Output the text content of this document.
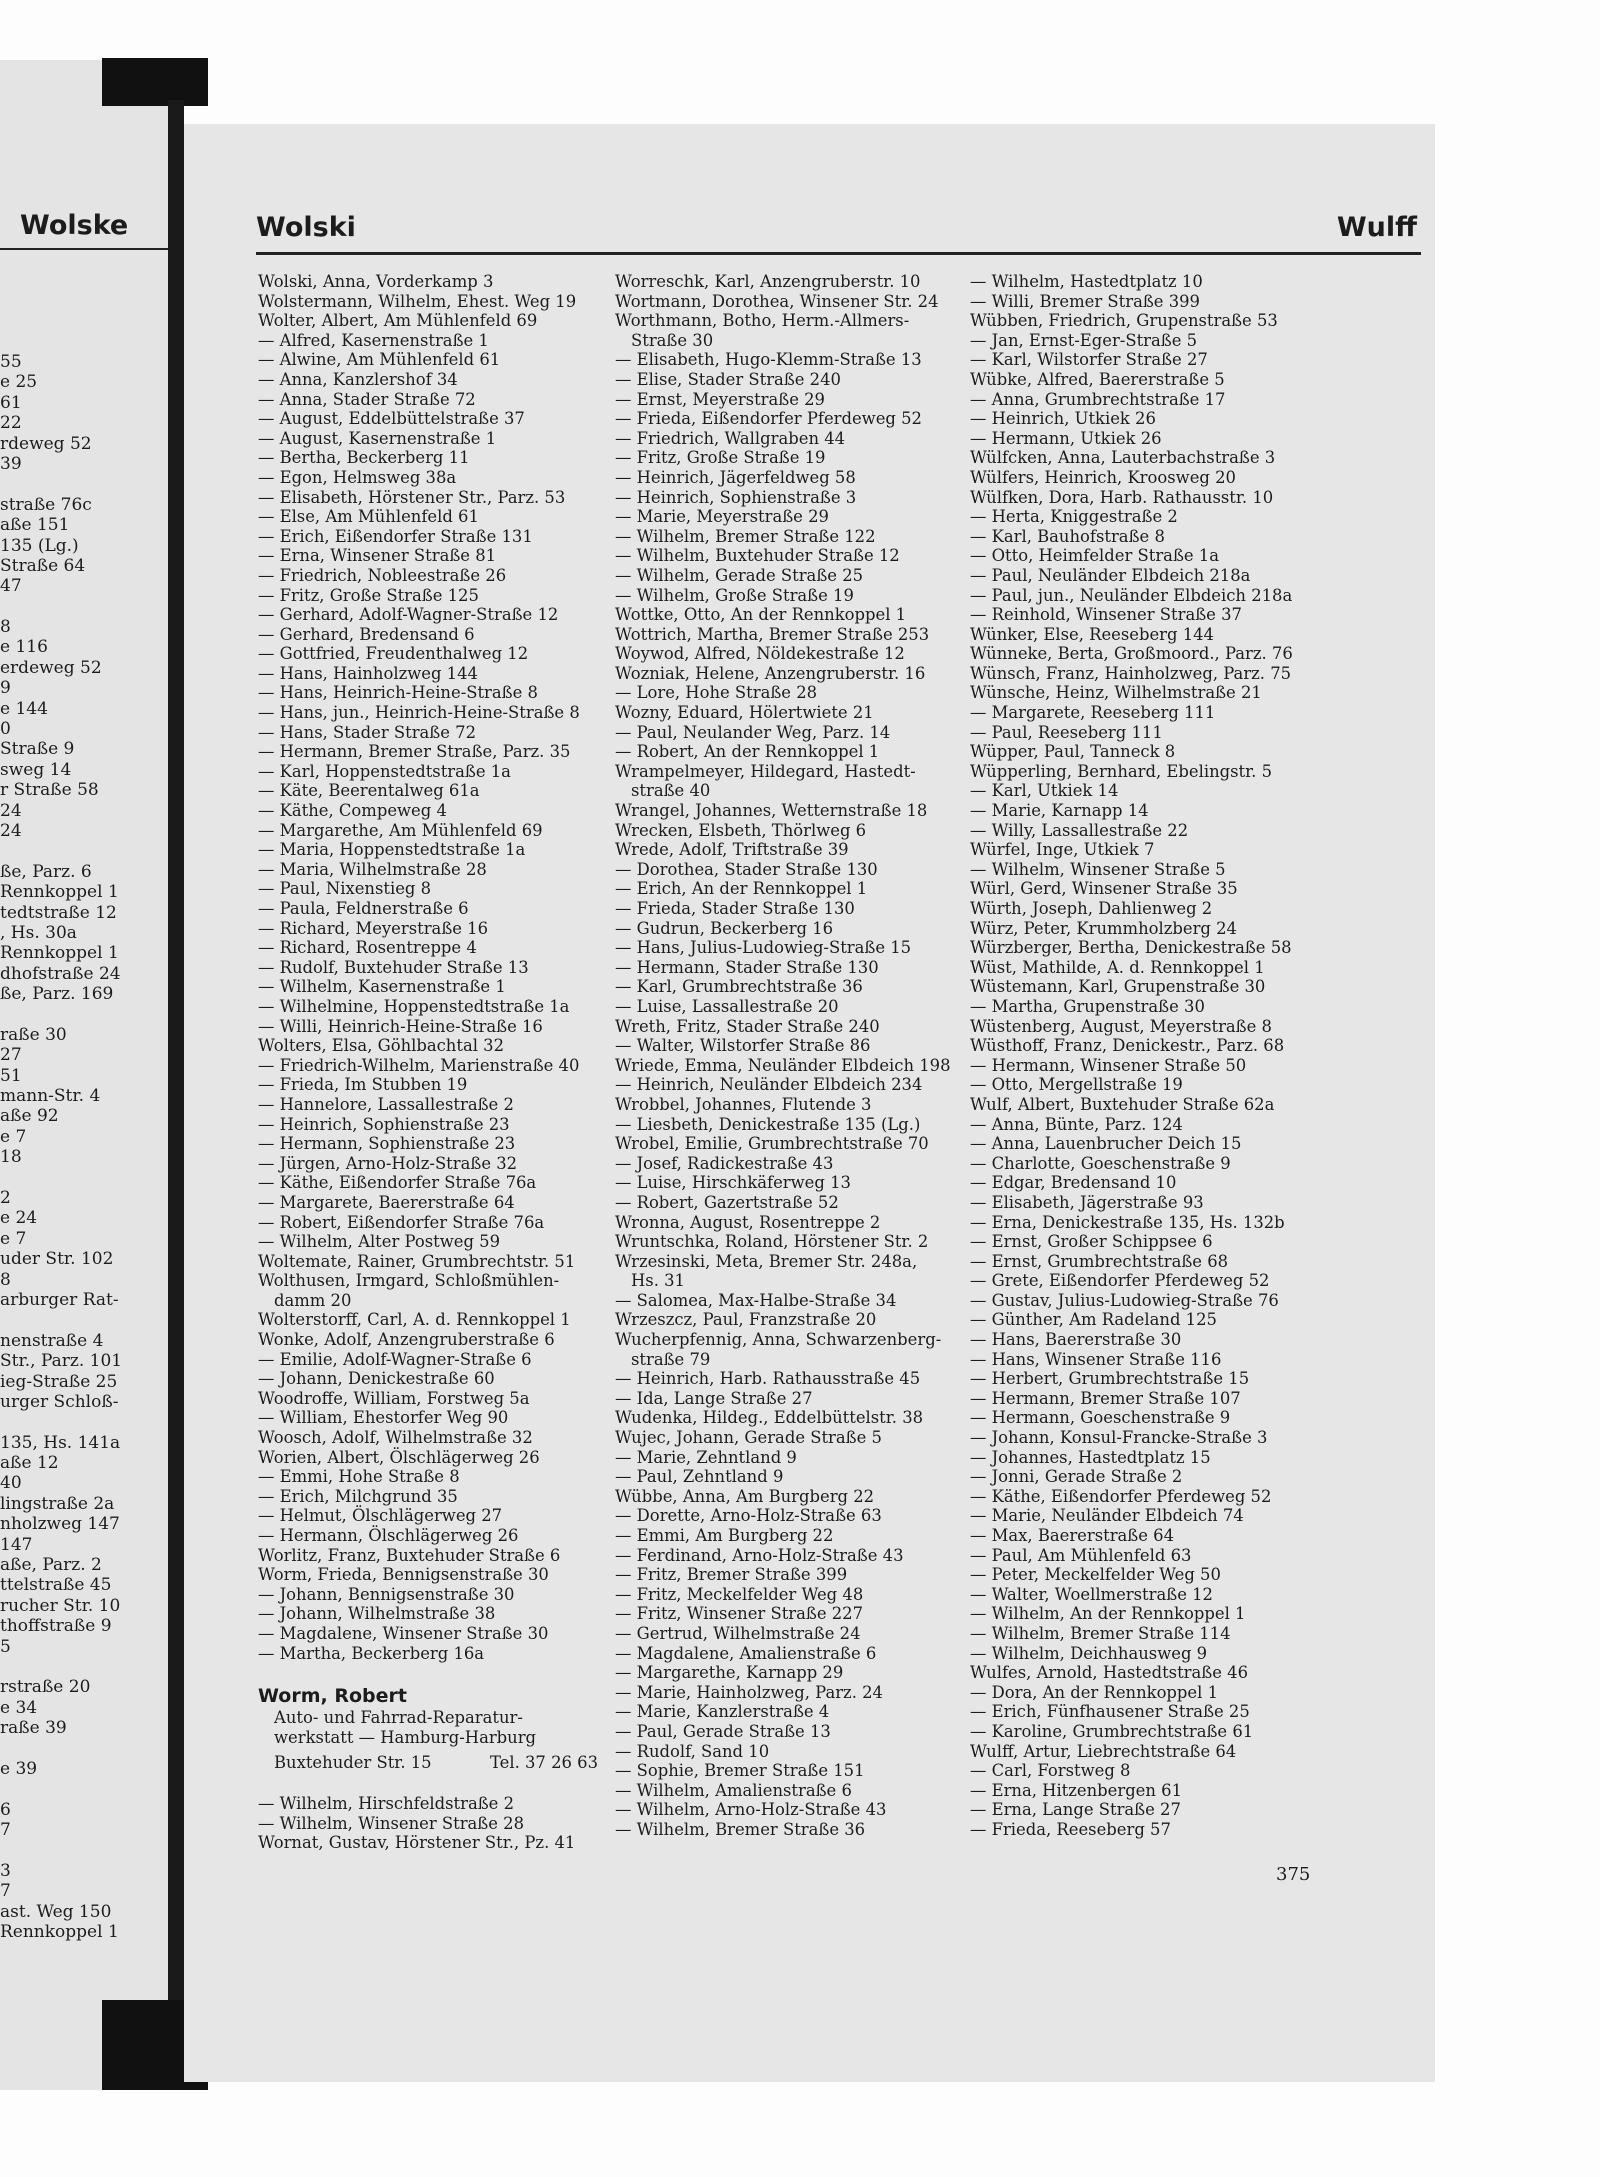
Wolske
55
e 25
61
22
rdeweg 52
39
straße 76c
aße 151
135 (Lg.)
Straße 64
47
8
e 116
erdeweg 52
9
e 144
0
Straße 9
sweg 14
r Straße 58
24
24
ße, Parz. 6
Rennkoppel 1
tedtstraße 12
, Hs. 30a
Rennkoppel 1
dhofstraße 24
ße, Parz. 169
raße 30
27
51
mann-Str. 4
aße 92
e 7
18
2
e 24
e 7
uder Str. 102
8
arburger Rat-
nenstraße 4
Str., Parz. 101
ieg-Straße 25
urger Schloß-
135, Hs. 141a
aße 12
40
lingstraße 2a
nholzweg 147
147
aße, Parz. 2
ttelstraße 45
rucher Str. 10
thoffstraße 9
5
rstraße 20
e 34
raße 39
e 39
6
7
3
7
ast. Weg 150
Rennkoppel 1
Wolski	Wulff
Wolski, Anna, Vorderkamp 3
Wolstermann, Wilhelm, Ehest. Weg 19
Wolter, Albert, Am Mühlenfeld 69
— Alfred, Kasernenstraße 1
— Alwine, Am Mühlenfeld 61
— Anna, Kanzlershof 34
— Anna, Stader Straße 72
— August, Eddelbüttelstraße 37
— August, Kasernenstraße 1
— Bertha, Beckerberg 11
— Egon, Helmsweg 38a
— Elisabeth, Hörstener Str., Parz. 53
— Else, Am Mühlenfeld 61
— Erich, Eißendorfer Straße 131
— Erna, Winsener Straße 81
— Friedrich, Nobleestraße 26
— Fritz, Große Straße 125
— Gerhard, Adolf-Wagner-Straße 12
— Gerhard, Bredensand 6
— Gottfried, Freudenthalweg 12
— Hans, Hainholzweg 144
— Hans, Heinrich-Heine-Straße 8
— Hans, jun., Heinrich-Heine-Straße 8
— Hans, Stader Straße 72
— Hermann, Bremer Straße, Parz. 35
— Karl, Hoppenstedtstraße 1a
— Käte, Beerentalweg 61a
— Käthe, Compeweg 4
— Margarethe, Am Mühlenfeld 69
— Maria, Hoppenstedtstraße 1a
— Maria, Wilhelmstraße 28
— Paul, Nixenstieg 8
— Paula, Feldnerstraße 6
— Richard, Meyerstraße 16
— Richard, Rosentreppe 4
— Rudolf, Buxtehuder Straße 13
— Wilhelm, Kasernenstraße 1
— Wilhelmine, Hoppenstedtstraße 1a
— Willi, Heinrich-Heine-Straße 16
Wolters, Elsa, Göhlbachtal 32
— Friedrich-Wilhelm, Marienstraße 40
— Frieda, Im Stubben 19
— Hannelore, Lassallestraße 2
— Heinrich, Sophienstraße 23
— Hermann, Sophienstraße 23
— Jürgen, Arno-Holz-Straße 32
— Käthe, Eißendorfer Straße 76a
— Margarete, Baererstraße 64
— Robert, Eißendorfer Straße 76a
— Wilhelm, Alter Postweg 59
Woltemate, Rainer, Grumbrechtstr. 51
Wolthusen, Irmgard, Schloßmühlen-
damm 20
Wolterstorff, Carl, A. d. Rennkoppel 1
Wonke, Adolf, Anzengruberstraße 6
— Emilie, Adolf-Wagner-Straße 6
— Johann, Denickestraße 60
Woodroffe, William, Forstweg 5a
— William, Ehestorfer Weg 90
Woosch, Adolf, Wilhelmstraße 32
Worien, Albert, Ölschlägerweg 26
— Emmi, Hohe Straße 8
— Erich, Milchgrund 35
— Helmut, Ölschlägerweg 27
— Hermann, Ölschlägerweg 26
Worlitz, Franz, Buxtehuder Straße 6
Worm, Frieda, Bennigsenstraße 30
— Johann, Bennigsenstraße 30
— Johann, Wilhelmstraße 38
— Magdalene, Winsener Straße 30
— Martha, Beckerberg 16a
Worm, Robert
Auto- und Fahrrad-Reparatur-
werkstatt — Hamburg-Harburg
Buxtehuder Str. 15	Tel. 37 26 63
— Wilhelm, Hirschfeldstraße 2
— Wilhelm, Winsener Straße 28
Wornat, Gustav, Hörstener Str., Pz. 41
Worreschk, Karl, Anzengruberstr. 10
Wortmann, Dorothea, Winsener Str. 24
Worthmann, Botho, Herm.-Allmers-
Straße 30
— Elisabeth, Hugo-Klemm-Straße 13
— Elise, Stader Straße 240
— Ernst, Meyerstraße 29
— Frieda, Eißendorfer Pferdeweg 52
— Friedrich, Wallgraben 44
— Fritz, Große Straße 19
— Heinrich, Jägerfeldweg 58
— Heinrich, Sophienstraße 3
— Marie, Meyerstraße 29
— Wilhelm, Bremer Straße 122
— Wilhelm, Buxtehuder Straße 12
— Wilhelm, Gerade Straße 25
— Wilhelm, Große Straße 19
Wottke, Otto, An der Rennkoppel 1
Wottrich, Martha, Bremer Straße 253
Woywod, Alfred, Nöldekestraße 12
Wozniak, Helene, Anzengruberstr. 16
— Lore, Hohe Straße 28
Wozny, Eduard, Hölertwiete 21
— Paul, Neulander Weg, Parz. 14
— Robert, An der Rennkoppel 1
Wrampelmeyer, Hildegard, Hastedt-
straße 40
Wrangel, Johannes, Wetternstraße 18
Wrecken, Elsbeth, Thörlweg 6
Wrede, Adolf, Triftstraße 39
— Dorothea, Stader Straße 130
— Erich, An der Rennkoppel 1
— Frieda, Stader Straße 130
— Gudrun, Beckerberg 16
— Hans, Julius-Ludowieg-Straße 15
— Hermann, Stader Straße 130
— Karl, Grumbrechtstraße 36
— Luise, Lassallestraße 20
Wreth, Fritz, Stader Straße 240
— Walter, Wilstorfer Straße 86
Wriede, Emma, Neuländer Elbdeich 198
— Heinrich, Neuländer Elbdeich 234
Wrobbel, Johannes, Flutende 3
— Liesbeth, Denickestraße 135 (Lg.)
Wrobel, Emilie, Grumbrechtstraße 70
— Josef, Radickestraße 43
— Luise, Hirschkäferweg 13
— Robert, Gazertstraße 52
Wronna, August, Rosentreppe 2
Wruntschka, Roland, Hörstener Str. 2
Wrzesinski, Meta, Bremer Str. 248a,
Hs. 31
— Salomea, Max-Halbe-Straße 34
Wrzeszcz, Paul, Franzstraße 20
Wucherpfennig, Anna, Schwarzenberg-
straße 79
— Heinrich, Harb. Rathausstraße 45
— Ida, Lange Straße 27
Wudenka, Hildeg., Eddelbüttelstr. 38
Wujec, Johann, Gerade Straße 5
— Marie, Zehntland 9
— Paul, Zehntland 9
Wübbe, Anna, Am Burgberg 22
— Dorette, Arno-Holz-Straße 63
— Emmi, Am Burgberg 22
— Ferdinand, Arno-Holz-Straße 43
— Fritz, Bremer Straße 399
— Fritz, Meckelfelder Weg 48
— Fritz, Winsener Straße 227
— Gertrud, Wilhelmstraße 24
— Magdalene, Amalienstraße 6
— Margarethe, Karnapp 29
— Marie, Hainholzweg, Parz. 24
— Marie, Kanzlerstraße 4
— Paul, Gerade Straße 13
— Rudolf, Sand 10
— Sophie, Bremer Straße 151
— Wilhelm, Amalienstraße 6
— Wilhelm, Arno-Holz-Straße 43
— Wilhelm, Bremer Straße 36
— Wilhelm, Hastedtplatz 10
— Willi, Bremer Straße 399
Wübben, Friedrich, Grupenstraße 53
— Jan, Ernst-Eger-Straße 5
— Karl, Wilstorfer Straße 27
Wübke, Alfred, Baererstraße 5
— Anna, Grumbrechtstraße 17
— Heinrich, Utkiek 26
— Hermann, Utkiek 26
Wülfcken, Anna, Lauterbachstraße 3
Wülfers, Heinrich, Kroosweg 20
Wülfken, Dora, Harb. Rathausstr. 10
— Herta, Kniggestraße 2
— Karl, Bauhofstraße 8
— Otto, Heimfelder Straße 1a
— Paul, Neuländer Elbdeich 218a
— Paul, jun., Neuländer Elbdeich 218a
— Reinhold, Winsener Straße 37
Wünker, Else, Reeseberg 144
Wünneke, Berta, Großmoord., Parz. 76
Wünsch, Franz, Hainholzweg, Parz. 75
Wünsche, Heinz, Wilhelmstraße 21
— Margarete, Reeseberg 111
— Paul, Reeseberg 111
Wüpper, Paul, Tanneck 8
Wüpperling, Bernhard, Ebelingstr. 5
— Karl, Utkiek 14
— Marie, Karnapp 14
— Willy, Lassallestraße 22
Würfel, Inge, Utkiek 7
— Wilhelm, Winsener Straße 5
Würl, Gerd, Winsener Straße 35
Würth, Joseph, Dahlienweg 2
Würz, Peter, Krummholzberg 24
Würzberger, Bertha, Denickestraße 58
Wüst, Mathilde, A. d. Rennkoppel 1
Wüstemann, Karl, Grupenstraße 30
— Martha, Grupenstraße 30
Wüstenberg, August, Meyerstraße 8
Wüsthoff, Franz, Denickestr., Parz. 68
— Hermann, Winsener Straße 50
— Otto, Mergellstraße 19
Wulf, Albert, Buxtehuder Straße 62a
— Anna, Bünte, Parz. 124
— Anna, Lauenbrucher Deich 15
— Charlotte, Goeschenstraße 9
— Edgar, Bredensand 10
— Elisabeth, Jägerstraße 93
— Erna, Denickestraße 135, Hs. 132b
— Ernst, Großer Schippsee 6
— Ernst, Grumbrechtstraße 68
— Grete, Eißendorfer Pferdeweg 52
— Gustav, Julius-Ludowieg-Straße 76
— Günther, Am Radeland 125
— Hans, Baererstraße 30
— Hans, Winsener Straße 116
— Herbert, Grumbrechtstraße 15
— Hermann, Bremer Straße 107
— Hermann, Goeschenstraße 9
— Johann, Konsul-Francke-Straße 3
— Johannes, Hastedtplatz 15
— Jonni, Gerade Straße 2
— Käthe, Eißendorfer Pferdeweg 52
— Marie, Neuländer Elbdeich 74
— Max, Baererstraße 64
— Paul, Am Mühlenfeld 63
— Peter, Meckelfelder Weg 50
— Walter, Woellmerstraße 12
— Wilhelm, An der Rennkoppel 1
— Wilhelm, Bremer Straße 114
— Wilhelm, Deichhausweg 9
Wulfes, Arnold, Hastedtstraße 46
— Dora, An der Rennkoppel 1
— Erich, Fünfhausener Straße 25
— Karoline, Grumbrechtstraße 61
Wulff, Artur, Liebrechtstraße 64
— Carl, Forstweg 8
— Erna, Hitzenbergen 61
— Erna, Lange Straße 27
— Frieda, Reeseberg 57
375
